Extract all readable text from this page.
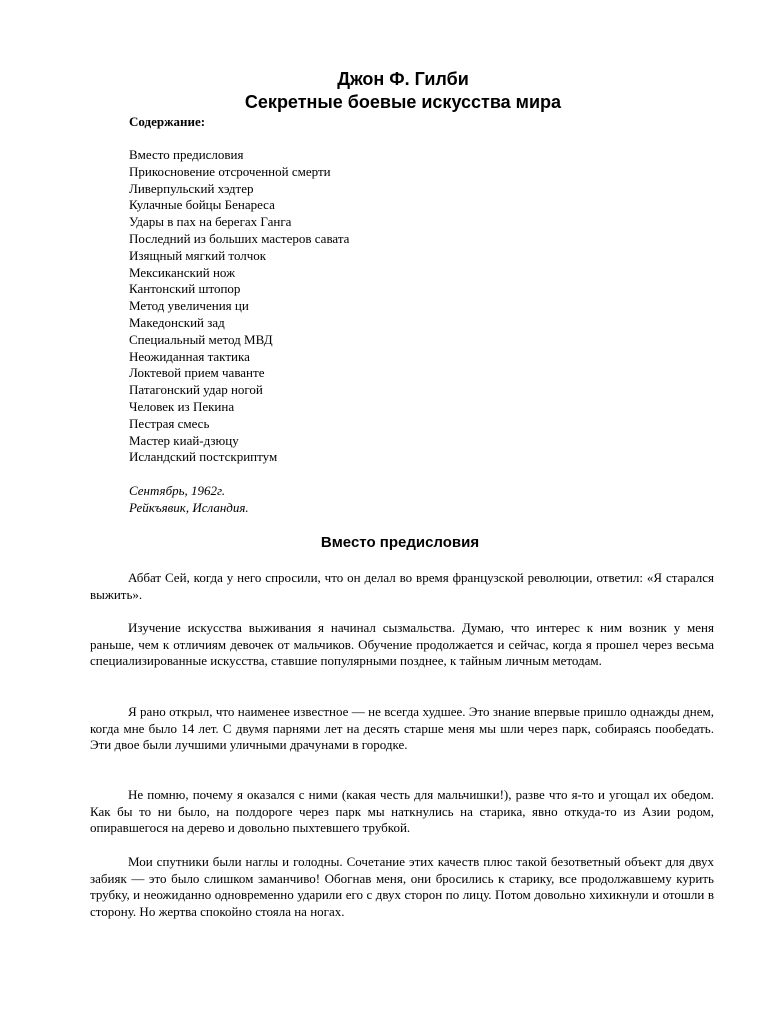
Джон Ф. Гилби
Секретные боевые искусства мира
Содержание:
Вместо предисловия
Прикосновение отсроченной смерти
Ливерпульский хэдтер
Кулачные бойцы Бенареса
Удары в пах на берегах Ганга
Последний из больших мастеров савата
Изящный мягкий толчок
Мексиканский нож
Кантонский штопор
Метод увеличения ци
Македонский зад
Специальный метод МВД
Неожиданная тактика
Локтевой прием чаванте
Патагонский удар ногой
Человек из Пекина
Пестрая смесь
Мастер киай-дзюцу
Исландский постскриптум
Сентябрь, 1962г.
Рейкъявик, Исландия.
Вместо предисловия

Аббат Сей, когда у него спросили, что он делал во время французской революции, ответил: «Я старался выжить».

Изучение искусства выживания я начинал сызмальства. Думаю, что интерес к ним возник у меня раньше, чем к отличиям девочек от мальчиков. Обучение продолжается и сейчас, когда я прошел через весьма специализированные искусства, ставшие популярными позднее, к тайным личным методам.

Я рано открыл, что наименее известное — не всегда худшее. Это знание впервые пришло однажды днем, когда мне было 14 лет. С двумя парнями лет на десять старше меня мы шли через парк, собираясь пообедать. Эти двое были лучшими уличными драчунами в городке.

Не помню, почему я оказался с ними (какая честь для мальчишки!), разве что я-то и угощал их обедом. Как бы то ни было, на полдороге через парк мы наткнулись на старика, явно откуда-то из Азии родом, опиравшегося на дерево и довольно пыхтевшего трубкой.

Мои спутники были наглы и голодны. Сочетание этих качеств плюс такой безответный объект для двух забияк — это было слишком заманчиво! Обогнав меня, они бросились к старику, все продолжавшему курить трубку, и неожиданно одновременно ударили его с двух сторон по лицу. Потом довольно хихикнули и отошли в сторону. Но жертва спокойно стояла на ногах.
